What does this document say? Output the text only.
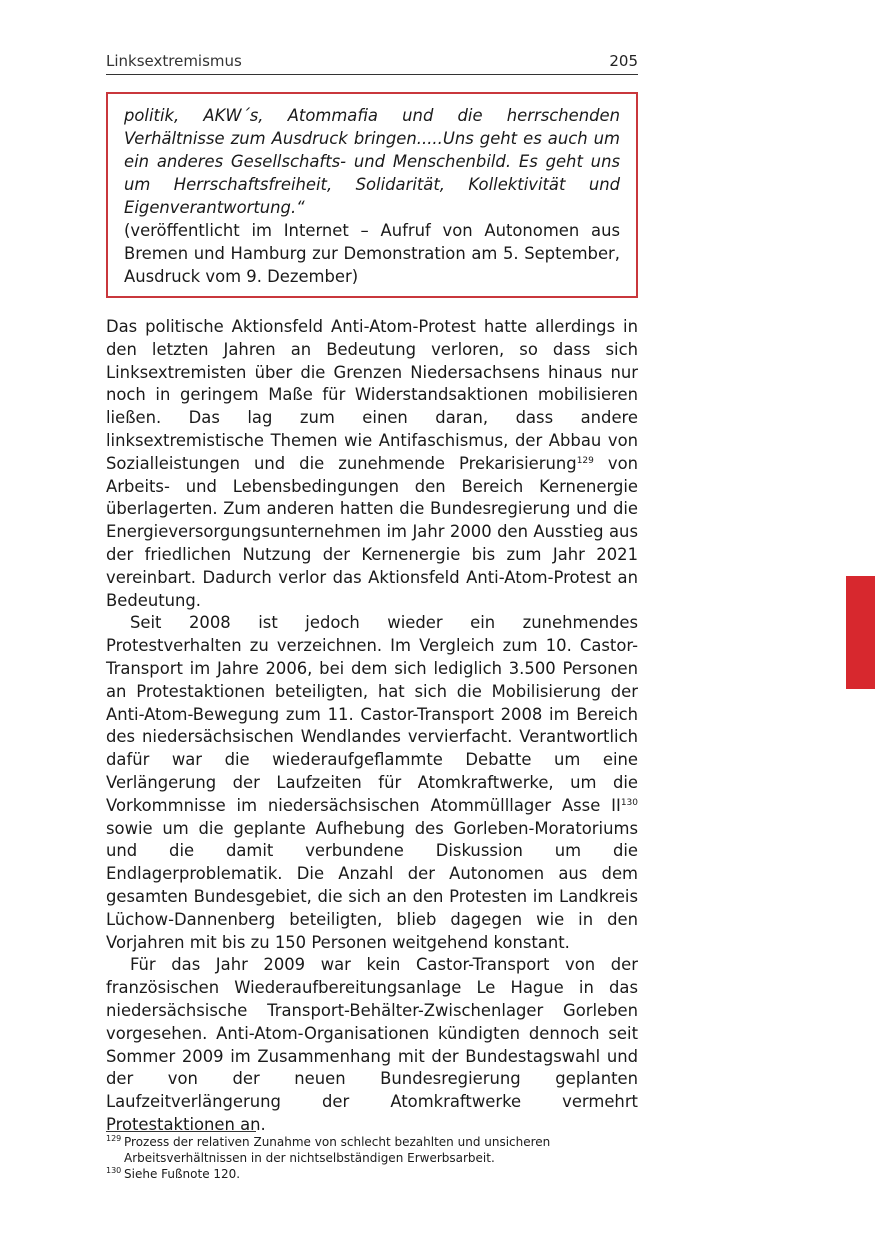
Linksextremismus	205

politik, AKW´s, Atommafia und die herrschenden Verhältnisse zum Ausdruck bringen.....Uns geht es auch um ein anderes Gesellschafts- und Menschenbild. Es geht uns um Herrschaftsfreiheit, Solidarität, Kollektivität und Eigenverantwortung.“

(veröffentlicht im Internet – Aufruf von Autonomen aus Bremen und Hamburg zur Demonstration am 5. September, Ausdruck vom 9. Dezember)

Das politische Aktionsfeld Anti-Atom-Protest hatte allerdings in den letzten Jahren an Bedeutung verloren, so dass sich Linksextremisten über die Grenzen Niedersachsens hinaus nur noch in geringem Maße für Widerstandsaktionen mobilisieren ließen. Das lag zum einen daran, dass andere linksextremistische Themen wie Antifaschismus, der Abbau von Sozialleistungen und die zunehmende Prekarisierung$^{129}$ von Arbeits- und Lebensbedingungen den Bereich Kernenergie überlagerten. Zum anderen hatten die Bundesregierung und die Energieversorgungsunternehmen im Jahr 2000 den Ausstieg aus der friedlichen Nutzung der Kernenergie bis zum Jahr 2021 vereinbart. Dadurch verlor das Aktionsfeld Anti-Atom-Protest an Bedeutung.

Seit 2008 ist jedoch wieder ein zunehmendes Protestverhalten zu verzeichnen. Im Vergleich zum 10. Castor-Transport im Jahre 2006, bei dem sich lediglich 3.500 Personen an Protestaktionen beteiligten, hat sich die Mobilisierung der Anti-Atom-Bewegung zum 11. Castor-Transport 2008 im Bereich des niedersächsischen Wendlandes vervierfacht. Verantwortlich dafür war die wiederaufgeflammte Debatte um eine Verlängerung der Laufzeiten für Atomkraftwerke, um die Vorkommnisse im niedersächsischen Atommülllager Asse II$^{130}$ sowie um die geplante Aufhebung des Gorleben-Moratoriums und die damit verbundene Diskussion um die Endlagerproblematik. Die Anzahl der Autonomen aus dem gesamten Bundesgebiet, die sich an den Protesten im Landkreis Lüchow-Dannenberg beteiligten, blieb dagegen wie in den Vorjahren mit bis zu 150 Personen weitgehend konstant.

Für das Jahr 2009 war kein Castor-Transport von der französischen Wiederaufbereitungsanlage Le Hague in das niedersächsische Transport-Behälter-Zwischenlager Gorleben vorgesehen. Anti-Atom-Organisationen kündigten dennoch seit Sommer 2009 im Zusammenhang mit der Bundestagswahl und der von der neuen Bundesregierung geplanten Laufzeitverlängerung der Atomkraftwerke vermehrt Protestaktionen an.

129 Prozess der relativen Zunahme von schlecht bezahlten und unsicheren Arbeitsverhältnissen in der nichtselbständigen Erwerbsarbeit.

130 Siehe Fußnote 120.
